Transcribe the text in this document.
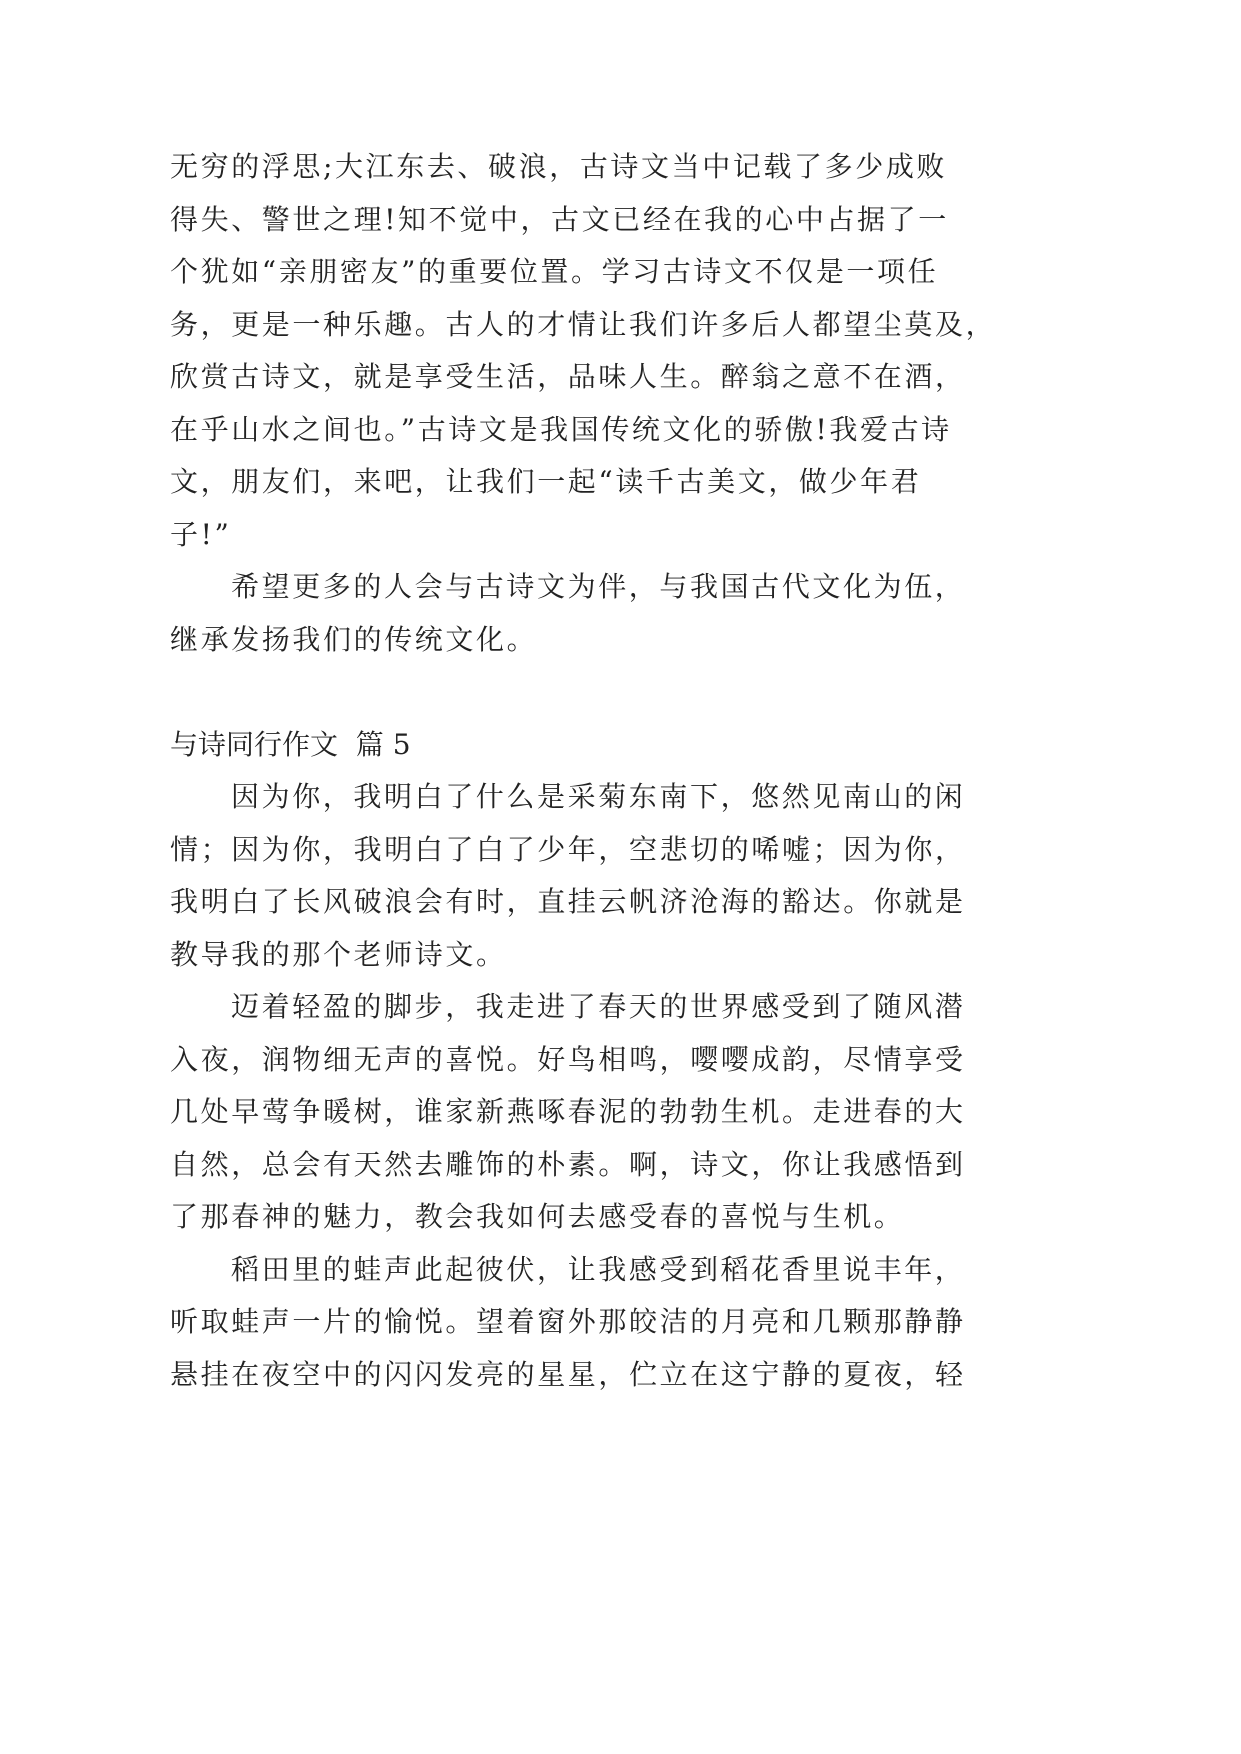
无穷的浮思;大江东去、破浪，古诗文当中记载了多少成败
得失、警世之理!知不觉中，古文已经在我的心中占据了一
个犹如“亲朋密友”的重要位置。学习古诗文不仅是一项任
务，更是一种乐趣。古人的才情让我们许多后人都望尘莫及，
欣赏古诗文，就是享受生活，品味人生。醉翁之意不在酒，
在乎山水之间也。”古诗文是我国传统文化的骄傲!我爱古诗
文，朋友们，来吧，让我们一起“读千古美文，做少年君
子!”
希望更多的人会与古诗文为伴，与我国古代文化为伍，
继承发扬我们的传统文化。
与诗同行作文  篇 5
因为你，我明白了什么是采菊东南下，悠然见南山的闲
情；因为你，我明白了白了少年，空悲切的唏嘘；因为你，
我明白了长风破浪会有时，直挂云帆济沧海的豁达。你就是
教导我的那个老师诗文。
迈着轻盈的脚步，我走进了春天的世界感受到了随风潜
入夜，润物细无声的喜悦。好鸟相鸣，嘤嘤成韵，尽情享受
几处早莺争暖树，谁家新燕啄春泥的勃勃生机。走进春的大
自然，总会有天然去雕饰的朴素。啊，诗文，你让我感悟到
了那春神的魅力，教会我如何去感受春的喜悦与生机。
稻田里的蛙声此起彼伏，让我感受到稻花香里说丰年，
听取蛙声一片的愉悦。望着窗外那皎洁的月亮和几颗那静静
悬挂在夜空中的闪闪发亮的星星，伫立在这宁静的夏夜，轻
